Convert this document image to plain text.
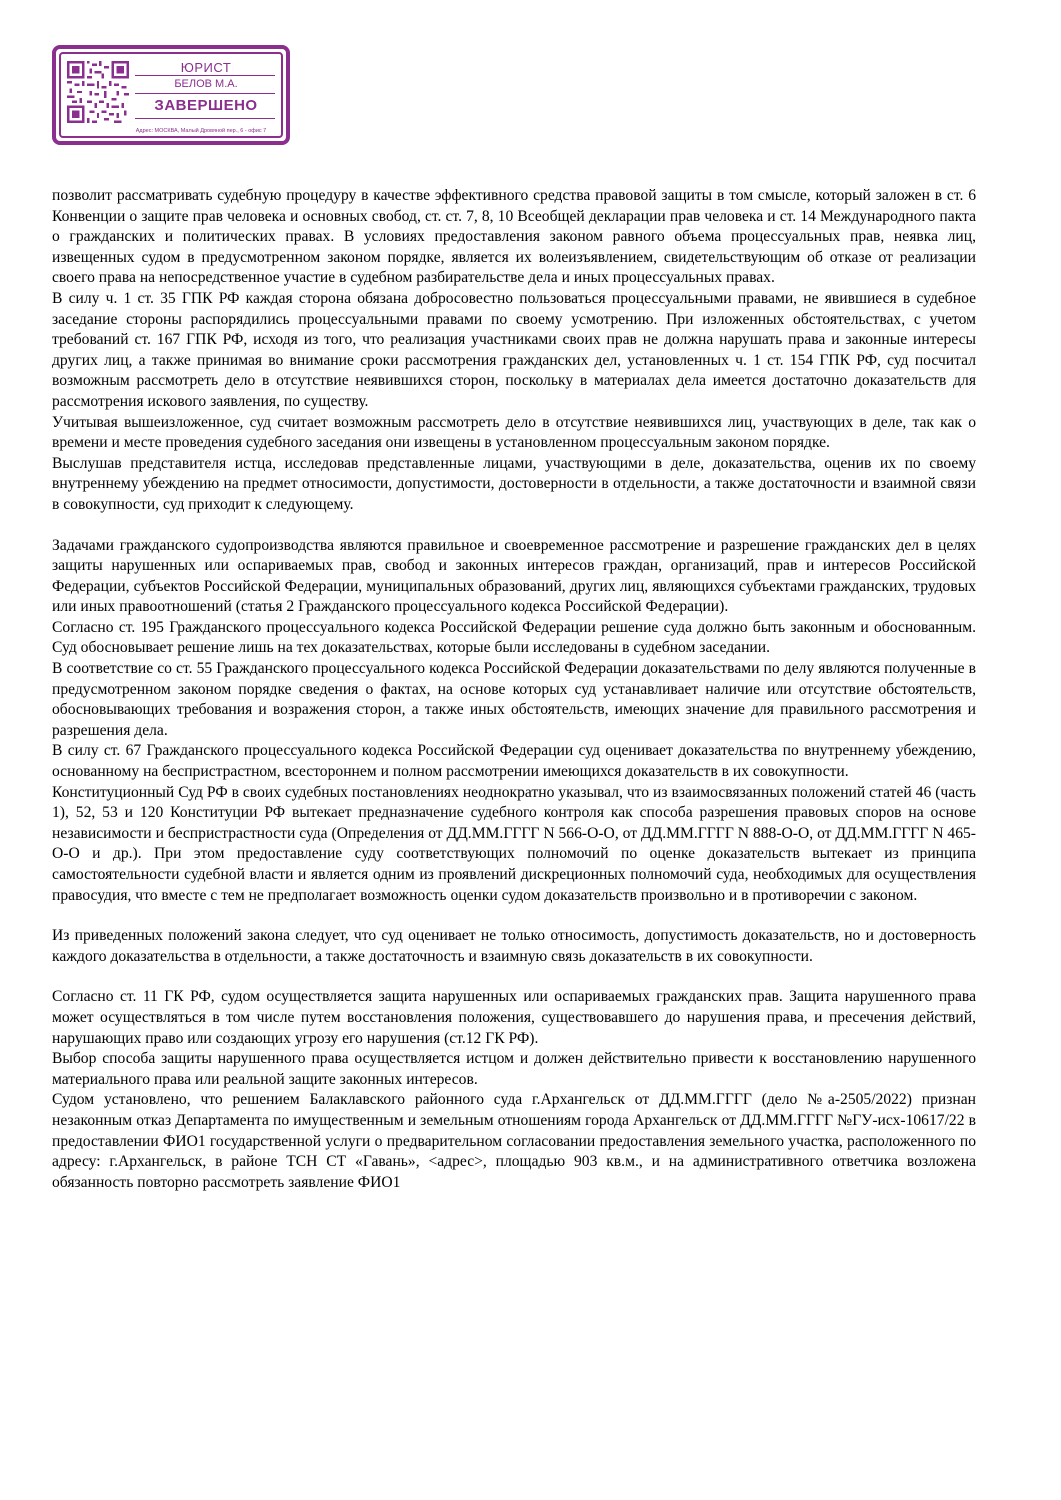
ЮРИСТ
БЕЛОВ М.А.
ЗАВЕРШЕНО
Адрес: МОСКВА, Малый Дровяной пер., 6 - офис 7

позволит рассматривать судебную процедуру в качестве эффективного средства правовой защиты в том смысле, который заложен в ст. 6 Конвенции о защите прав человека и основных свобод, ст. ст. 7, 8, 10 Всеобщей декларации прав человека и ст. 14 Международного пакта о гражданских и политических правах. В условиях предоставления законом равного объема процессуальных прав, неявка лиц, извещенных судом в предусмотренном законом порядке, является их волеизъявлением, свидетельствующим об отказе от реализации своего права на непосредственное участие в судебном разбирательстве дела и иных процессуальных правах.

В силу ч. 1 ст. 35 ГПК РФ каждая сторона обязана добросовестно пользоваться процессуальными правами, не явившиеся в судебное заседание стороны распорядились процессуальными правами по своему усмотрению. При изложенных обстоятельствах, с учетом требований ст. 167 ГПК РФ, исходя из того, что реализация участниками своих прав не должна нарушать права и законные интересы других лиц, а также принимая во внимание сроки рассмотрения гражданских дел, установленных ч. 1 ст. 154 ГПК РФ, суд посчитал возможным рассмотреть дело в отсутствие неявившихся сторон, поскольку в материалах дела имеется достаточно доказательств для рассмотрения искового заявления, по существу.

Учитывая вышеизложенное, суд считает возможным рассмотреть дело в отсутствие неявившихся лиц, участвующих в деле, так как о времени и месте проведения судебного заседания они извещены в установленном процессуальным законом порядке.

Выслушав представителя истца, исследовав представленные лицами, участвующими в деле, доказательства, оценив их по своему внутреннему убеждению на предмет относимости, допустимости, достоверности в отдельности, а также достаточности и взаимной связи в совокупности, суд приходит к следующему.

Задачами гражданского судопроизводства являются правильное и своевременное рассмотрение и разрешение гражданских дел в целях защиты нарушенных или оспариваемых прав, свобод и законных интересов граждан, организаций, прав и интересов Российской Федерации, субъектов Российской Федерации, муниципальных образований, других лиц, являющихся субъектами гражданских, трудовых или иных правоотношений (статья 2 Гражданского процессуального кодекса Российской Федерации).

Согласно ст. 195 Гражданского процессуального кодекса Российской Федерации решение суда должно быть законным и обоснованным. Суд обосновывает решение лишь на тех доказательствах, которые были исследованы в судебном заседании.

В соответствие со ст. 55 Гражданского процессуального кодекса Российской Федерации доказательствами по делу являются полученные в предусмотренном законом порядке сведения о фактах, на основе которых суд устанавливает наличие или отсутствие обстоятельств, обосновывающих требования и возражения сторон, а также иных обстоятельств, имеющих значение для правильного рассмотрения и разрешения дела.

В силу ст. 67 Гражданского процессуального кодекса Российской Федерации суд оценивает доказательства по внутреннему убеждению, основанному на беспристрастном, всестороннем и полном рассмотрении имеющихся доказательств в их совокупности.

Конституционный Суд РФ в своих судебных постановлениях неоднократно указывал, что из взаимосвязанных положений статей 46 (часть 1), 52, 53 и 120 Конституции РФ вытекает предназначение судебного контроля как способа разрешения правовых споров на основе независимости и беспристрастности суда (Определения от ДД.ММ.ГГГГ N 566-О-О, от ДД.ММ.ГГГГ N 888-О-О, от ДД.ММ.ГГГГ N 465-О-О и др.). При этом предоставление суду соответствующих полномочий по оценке доказательств вытекает из принципа самостоятельности судебной власти и является одним из проявлений дискреционных полномочий суда, необходимых для осуществления правосудия, что вместе с тем не предполагает возможность оценки судом доказательств произвольно и в противоречии с законом.

Из приведенных положений закона следует, что суд оценивает не только относимость, допустимость доказательств, но и достоверность каждого доказательства в отдельности, а также достаточность и взаимную связь доказательств в их совокупности.

Согласно ст. 11 ГК РФ, судом осуществляется защита нарушенных или оспариваемых гражданских прав. Защита нарушенного права может осуществляться в том числе путем восстановления положения, существовавшего до нарушения права, и пресечения действий, нарушающих право или создающих угрозу его нарушения (ст.12 ГК РФ).

Выбор способа защиты нарушенного права осуществляется истцом и должен действительно привести к восстановлению нарушенного материального права или реальной защите законных интересов.

Судом установлено, что решением Балаклавского районного суда г.Архангельск от ДД.ММ.ГГГГ (дело №а-2505/2022) признан незаконным отказ Департамента по имущественным и земельным отношениям города Архангельск от ДД.ММ.ГГГГ №ГУ-исх-10617/22 в предоставлении ФИО1 государственной услуги о предварительном согласовании предоставления земельного участка, расположенного по адресу: г.Архангельск, в районе ТСН СТ «Гавань», <адрес>, площадью 903 кв.м., и на административного ответчика возложена обязанность повторно рассмотреть заявление ФИО1
